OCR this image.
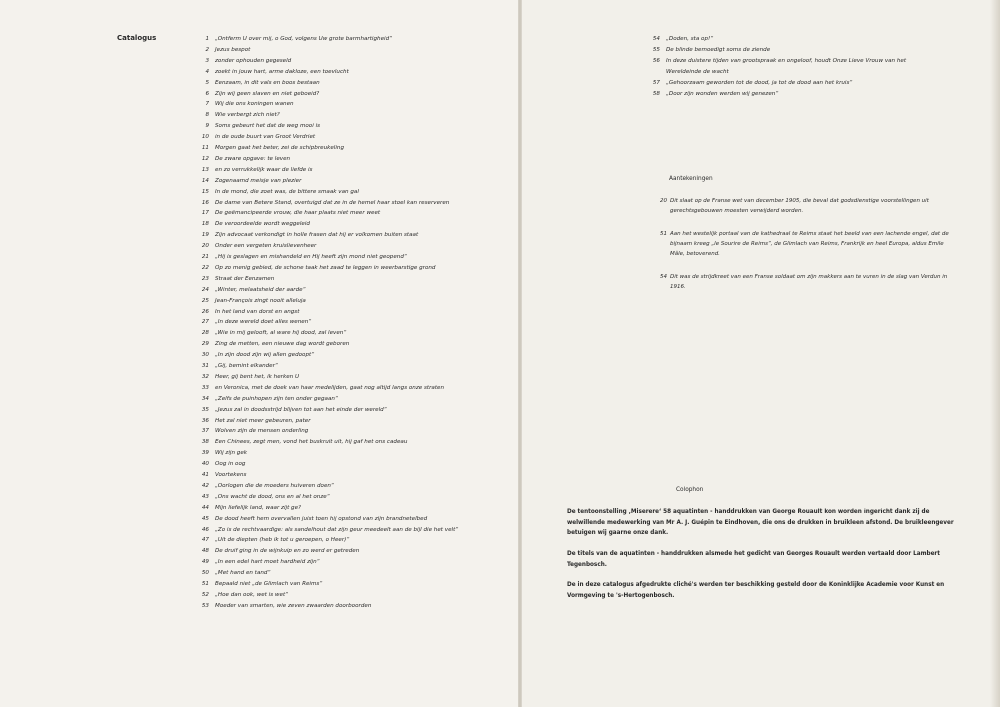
Catalogus	1 „Ontferm U over mij, o God, volgens Uw grote barmhartigheid“
2 Jezus bespot
3 zonder ophouden gegeseld
4 zoekt in jouw hart, arme dakloze, een toevlucht
5 Eenzaam, in dit vals en boos bestaan
6 Zijn wij geen slaven en niet geboeid?
7 Wij die ons koningen wanen
8 Wie verbergt zich niet?
9 Soms gebeurt het dat de weg mooi is
10 in de oude buurt van Groot Verdriet
11 Morgen gaat het beter, zei de schipbreukeling
12 De zware opgave: te leven
13 en zo verrukkelijk waar de liefde is
14 Zogenaamd meisje van plezier
15 In de mond, die zoet was, de bittere smaak van gal
16 De dame van Betere Stand, overtuigd dat ze in de hemel haar stoel kan reserveren
17 De geëmancipeerde vrouw, die haar plaats niet meer weet
18 De veroordeelde wordt weggeleid
19 Zijn advocaat verkondigt in holle frasen dat hij er volkomen buiten staat
20 Onder een vergeten kruislievenheer
21 „Hij is geslagen en mishandeld en Hij heeft zijn mond niet geopend“
22 Op zo menig gebied, de schone taak het zaad te leggen in weerbarstige grond
23 Straat der Eenzamen
24 „Winter, melaatsheid der aarde“
25 Jean-François zingt nooit alleluja
26 In het land van dorst en angst
27 „In deze wereld doet alles wenen“
28 „Wie in mij gelooft, al ware hij dood, zal leven“
29 Zing de metten, een nieuwe dag wordt geboren
30 „In zijn dood zijn wij allen gedoopt“
31 „Gij, bemint elkander“
32 Heer, gij bent het, ik herken U
33 en Veronica, met de doek van haar medelijden, gaat nog altijd langs onze straten
34 „Zelfs de puinhopen zijn ten onder gegaan“
35 „Jezus zal in doodsstrijd blijven tot aan het einde der wereld“
36 Het zal niet meer gebeuren, pater
37 Wolven zijn de mensen onderling
38 Een Chinees, zegt men, vond het buskruit uit, hij gaf het ons cadeau
39 Wij zijn gek
40 Oog in oog
41 Voortekens
42 „Oorlogen die de moeders huiveren doen“
43 „Ons wacht de dood, ons en al het onze“
44 Mijn liefelijk land, waar zijt ge?
45 De dood heeft hem overvallen juist toen hij opstond van zijn brandnetelbed
46 „Zo is de rechtvaardige: als sandelhout dat zijn geur meedeelt aan de bijl die het velt“
47 „Uit de diepten (heb ik tot u geroepen, o Heer)“
48 De druif ging in de wijnkuip en zo werd er getreden
49 „In een edel hart moet hardheid zijn“
50 „Met hand en tand“
51 Bepaald niet „de Glimlach van Reims“
52 „Hoe dan ook, wet is wet“
53 Moeder van smarten, wie zeven zwaarden doorboorden
54 „Doden, sta op!“
55 De blinde bemoedigt soms de ziende
56 In deze duistere tijden van grootspraak en ongeloof, houdt Onze Lieve Vrouw van het
Wereldeinde de wacht
57 „Gehoorzaam geworden tot de dood, ja tot de dood aan het kruis“
58 „Door zijn wonden werden wij genezen“
Aantekeningen
20 Dit slaat op de Franse wet van december 1905, die beval dat godsdienstige voorstellingen uit gerechtsgebouwen moesten verwijderd worden.
51 Aan het westelijk portaal van de kathedraal te Reims staat het beeld van een lachende engel, dat de bijnaam kreeg „le Sourire de Reims“, de Glimlach van Reims, Frankrijk en heel Europa, aldus Emile Mâle, betoverend.
54 Dit was de strijdkreet van een Franse soldaat om zijn makkers aan te vuren in de slag van Verdun in 1916.
Colophon
De tentoonstelling ‚Miserere‘ 58 aquatinten - handdrukken van George Rouault kon worden ingericht dank zij de welwillende medewerking van Mr A. J. Guépin te Eindhoven, die ons de drukken in bruikleen afstond. De bruikleengever betuigen wij gaarne onze dank.
De titels van de aquatinten - handdrukken alsmede het gedicht van Georges Rouault werden vertaald door Lambert Tegenbosch.
De in deze catalogus afgedrukte cliché's werden ter beschikking gesteld door de Koninklijke Academie voor Kunst en Vormgeving te 's-Hertogenbosch.
